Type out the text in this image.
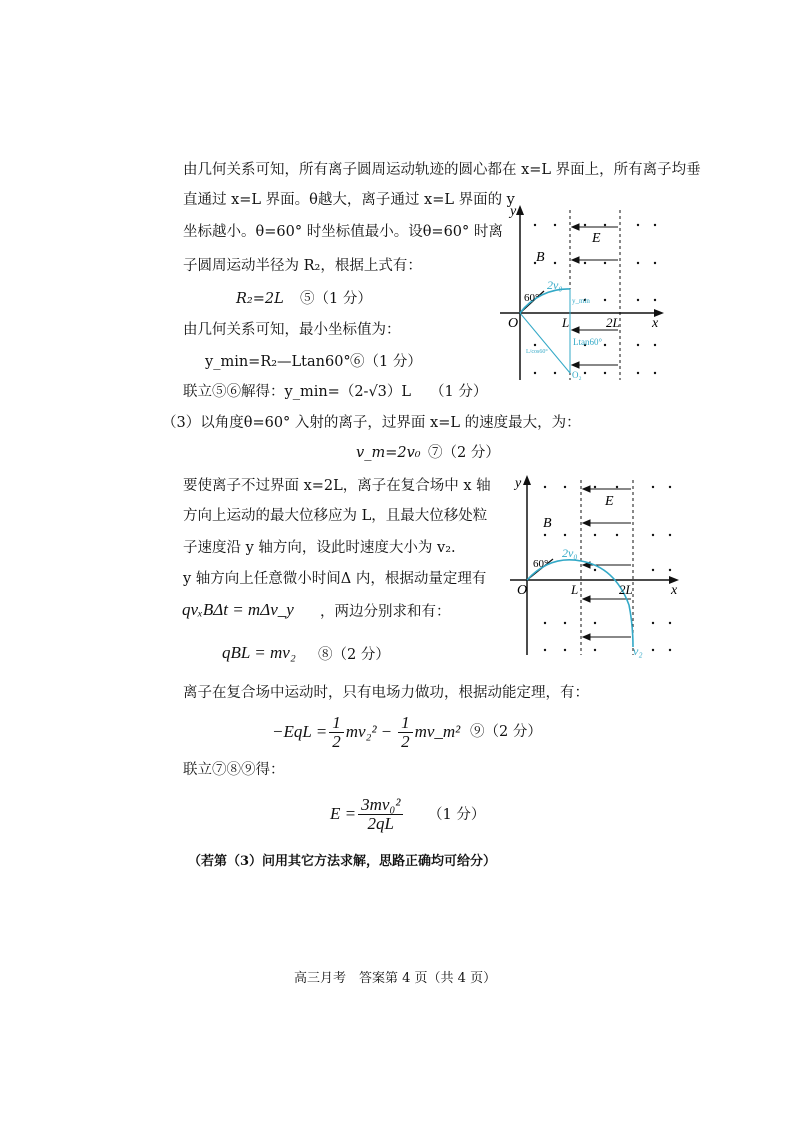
由几何关系可知，所有离子圆周运动轨迹的圆心都在 x=L 界面上，所有离子均垂
直通过 x=L 界面。θ越大，离子通过 x=L 界面的 y
坐标越小。θ=60° 时坐标值最小。设θ=60° 时离
子圆周运动半径为 R₂，根据上式有：
R₂=2L ⑤（1 分）
由几何关系可知，最小坐标值为：
y_min=R₂—Ltan60° ⑥（1 分）
联立⑤⑥解得：y_min=（2-√3）L （1 分）
（3）以角度θ=60° 入射的离子，过界面 x=L 的速度最大，为：
v_m=2v₀ ⑦（2 分）
要使离子不过界面 x=2L，离子在复合场中 x 轴
方向上运动的最大位移应为 L，且最大位移处粒
子速度沿 y 轴方向，设此时速度大小为 v₂.
y 轴方向上任意微小时间Δ 内，根据动量定理有
qvₓBΔt = mΔv_y ，两边分别求和有：
qBL = mv₂ ⑧（2 分）
离子在复合场中运动时，只有电场力做功，根据动能定理，有：
$-EqL = \frac{1}{2} mv_2^2 - \frac{1}{2}$ mv_m² ⑨（2 分）
联立⑦⑧⑨得：
$E = \frac{\text{3mv₀²}}{2qL} (1$ 分）
（若第（3）问用其它方法求解，思路正确均可给分）
高三月考　答案第 4 页（共 4 页）
y
x
O
B
E
60°
2v₀
L	2L
y_min
Ltan60°
O₂
L/cos60°
y
x
O
B
E
60°
2v₀
L	2L
v₂
